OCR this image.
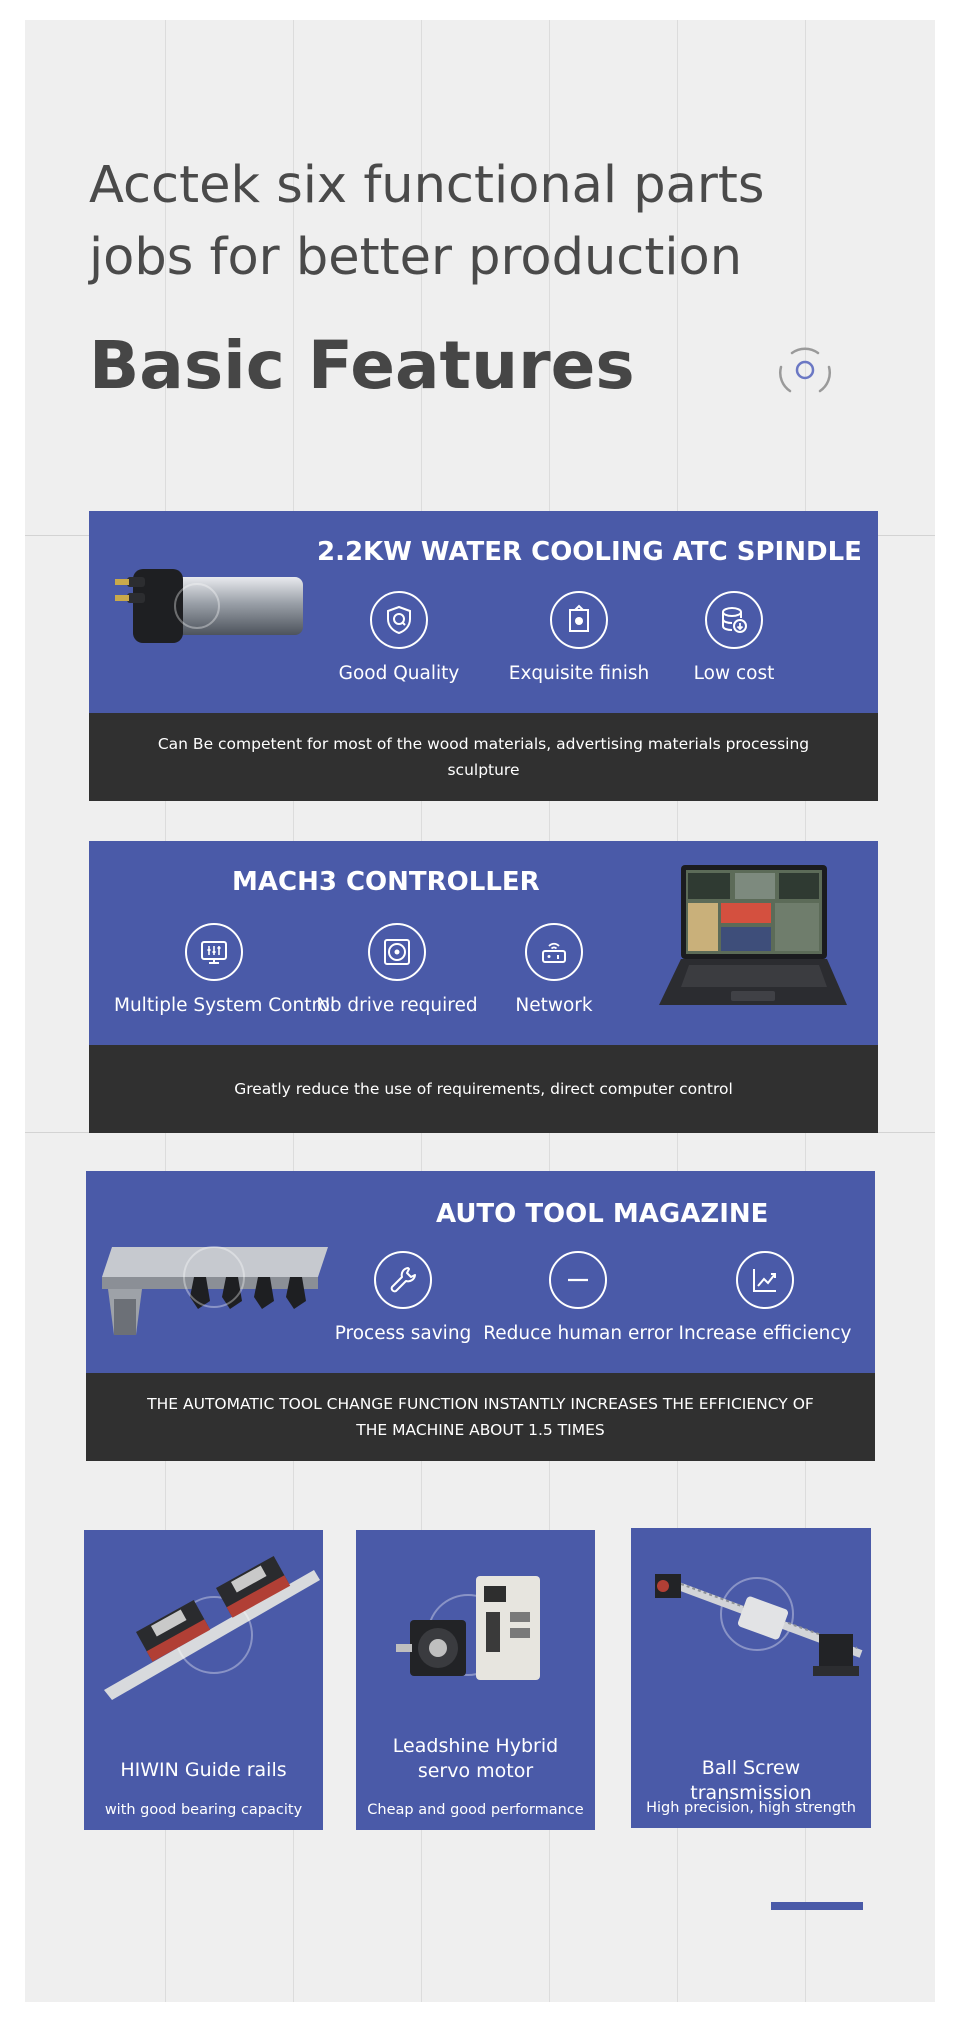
Acctek six functional parts jobs for better production
Basic Features
2.2KW WATER COOLING ATC SPINDLE
Good Quality	Exquisite finish	Low cost
Can Be competent for most of the wood materials, advertising materials processing sculpture
MACH3 CONTROLLER
Multiple System Control
No drive required	Network
Greatly reduce the use of requirements, direct computer control
AUTO TOOL MAGAZINE
Process saving Reduce human error Increase efficiency
THE AUTOMATIC TOOL CHANGE FUNCTION INSTANTLY INCREASES THE EFFICIENCY OF THE MACHINE ABOUT 1.5 TIMES
HIWIN Guide rails
with good bearing capacity
Leadshine Hybrid servo motor
Cheap and good performance
Ball Screw transmission
High precision, high strength
